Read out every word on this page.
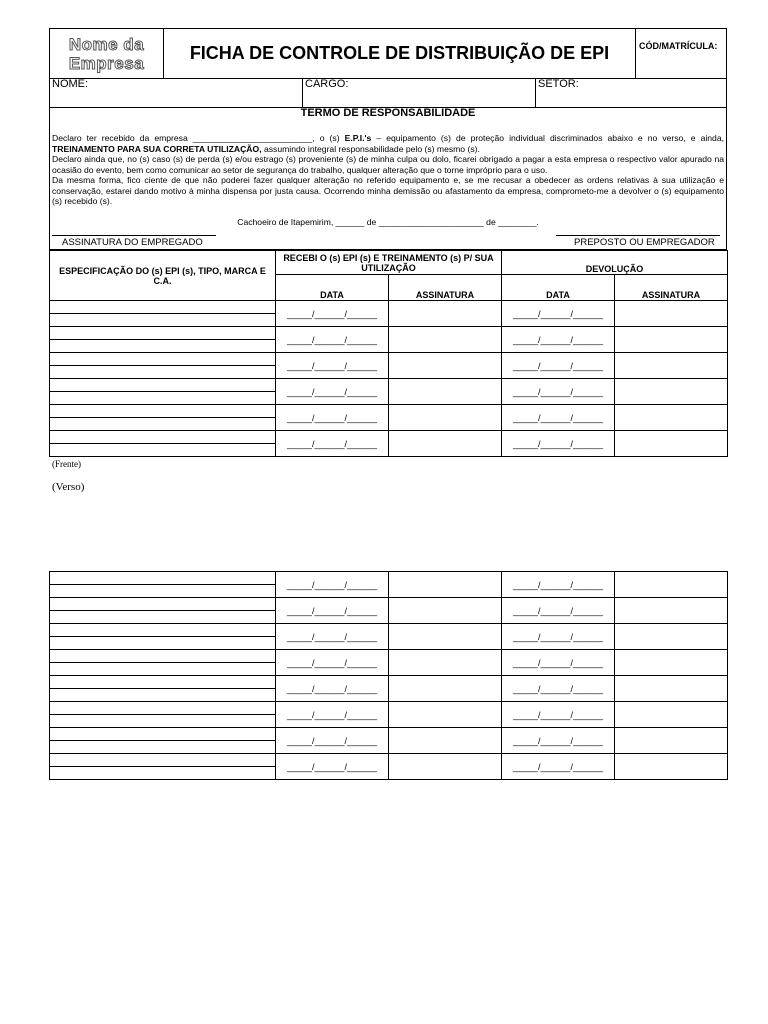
Nome da
Empresa	FICHA DE CONTROLE DE DISTRIBUIÇÃO DE EPI	CÓD/MATRÍCULA:
NOME:	CARGO:	SETOR:
TERMO DE RESPONSABILIDADE
Declaro ter recebido da empresa _________________________, o (s) E.P.I.'s – equipamento (s) de proteção individual discriminados abaixo e no verso, e ainda, TREINAMENTO PARA SUA CORRETA UTILIZAÇÃO, assumindo integral responsabilidade pelo (s) mesmo (s).
Declaro ainda que, no (s) caso (s) de perda (s) e/ou estrago (s) proveniente (s) de minha culpa ou dolo, ficarei obrigado a pagar a esta empresa o respectivo valor apurado na ocasião do evento, bem como comunicar ao setor de segurança do trabalho, qualquer alteração que o torne impróprio para o uso.
Da mesma forma, fico ciente de que não poderei fazer qualquer alteração no referido equipamento e, se me recusar a obedecer as ordens relativas à sua utilização e conservação, estarei dando motivo à minha dispensa por justa causa. Ocorrendo minha demissão ou afastamento da empresa, comprometo-me a devolver o (s) equipamento (s) recebido (s).
Cachoeiro de Itapemirim, ______ de ______________________ de ________.
ASSINATURA DO EMPREGADO	PREPOSTO OU EMPREGADOR
ESPECIFICAÇÃO DO (s) EPI (s), TIPO, MARCA E C.A.	RECEBI O (s) EPI (s) E TREINAMENTO (s) P/ SUA UTILIZAÇÃO		DEVOLUÇÃO	
	DATA	ASSINATURA	DATA	ASSINATURA
	_____/______/______		_____/______/______	

	_____/______/______		_____/______/______	

	_____/______/______		_____/______/______	

	_____/______/______		_____/______/______	

	_____/______/______		_____/______/______	

	_____/______/______		_____/______/______	

(Frente)
(Verso)
	_____/______/______		_____/______/______	

	_____/______/______		_____/______/______	

	_____/______/______		_____/______/______	

	_____/______/______		_____/______/______	

	_____/______/______		_____/______/______	

	_____/______/______		_____/______/______	

	_____/______/______		_____/______/______	

	_____/______/______		_____/______/______	
